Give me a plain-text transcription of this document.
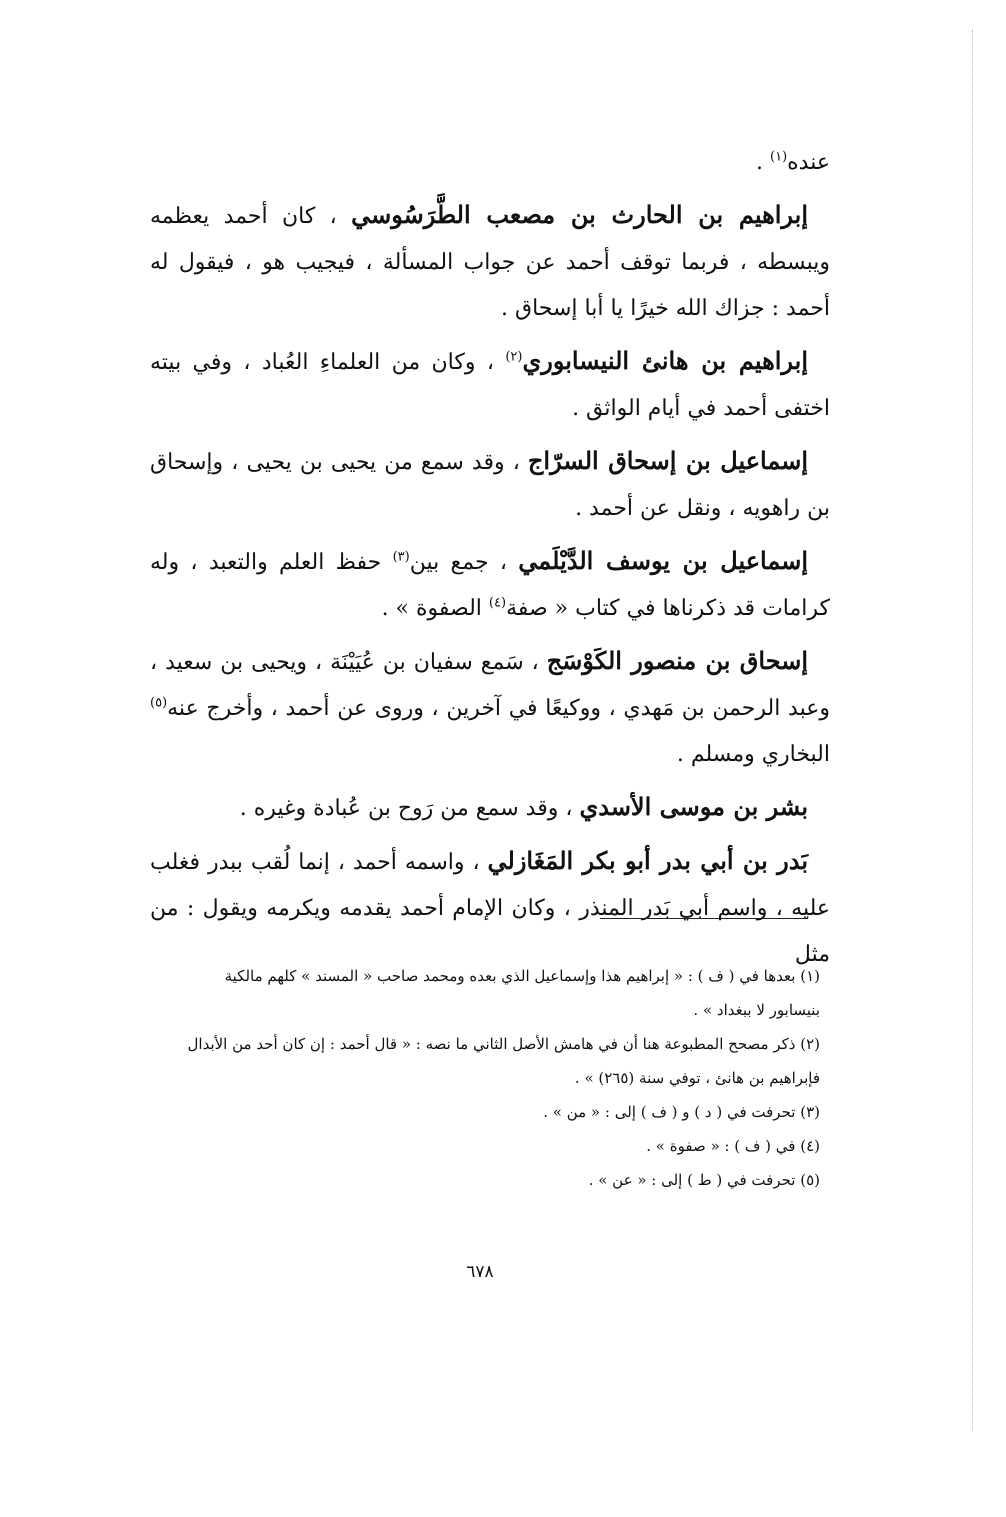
عنده$^{(١)}$ .

إبراهيم بن الحارث بن مصعب الطَّرَسُوسي ، كان أحمد يعظمه ويبسطه ، فربما توقف أحمد عن جواب المسألة ، فيجيب هو ، فيقول له أحمد : جزاك الله خيرًا يا أبا إسحاق .

إبراهيم بن هانئ النيسابوري$^{(٢)}$ ، وكان من العلماءِ العُباد ، وفي بيته اختفى أحمد في أيام الواثق .

إسماعيل بن إسحاق السرّاج ، وقد سمع من يحيى بن يحيى ، وإسحاق بن راهويه ، ونقل عن أحمد .

إسماعيل بن يوسف الدَّيْلَمي ، جمع بين$^{(٣)}$ حفظ العلم والتعبد ، وله كرامات قد ذكرناها في كتاب « صفة$^{(٤)}$ الصفوة » .

إسحاق بن منصور الكَوْسَج ، سَمع سفيان بن عُيَيْنَة ، ويحيى بن سعيد ، وعبد الرحمن بن مَهدي ، ووكيعًا في آخرين ، وروى عن أحمد ، وأخرج عنه$^{(٥)}$ البخاري ومسلم .

بشر بن موسى الأسدي ، وقد سمع من رَوح بن عُبادة وغيره .

بَدر بن أبي بدر أبو بكر المَغَازلي ، واسمه أحمد ، إنما لُقب ببدر فغلب عليه ، واسم أبي بَدر المنذر ، وكان الإمام أحمد يقدمه ويكرمه ويقول : من مثل

(١) بعدها في ( ف ) : « إبراهيم هذا وإسماعيل الذي بعده ومحمد صاحب « المسند » كلهم مالكية

بنيسابور لا ببغداد » .

(٢) ذكر مصحح المطبوعة هنا أن في هامش الأصل الثاني ما نصه : « قال أحمد : إن كان أحد من الأبدال

فإبراهيم بن هانئ ، توفي سنة (٢٦٥) » .

(٣) تحرفت في ( د ) و ( ف ) إلى : « من » .

(٤) في ( ف ) : « صفوة » .

(٥) تحرفت في ( ط ) إلى : « عن » .

٦٧٨
